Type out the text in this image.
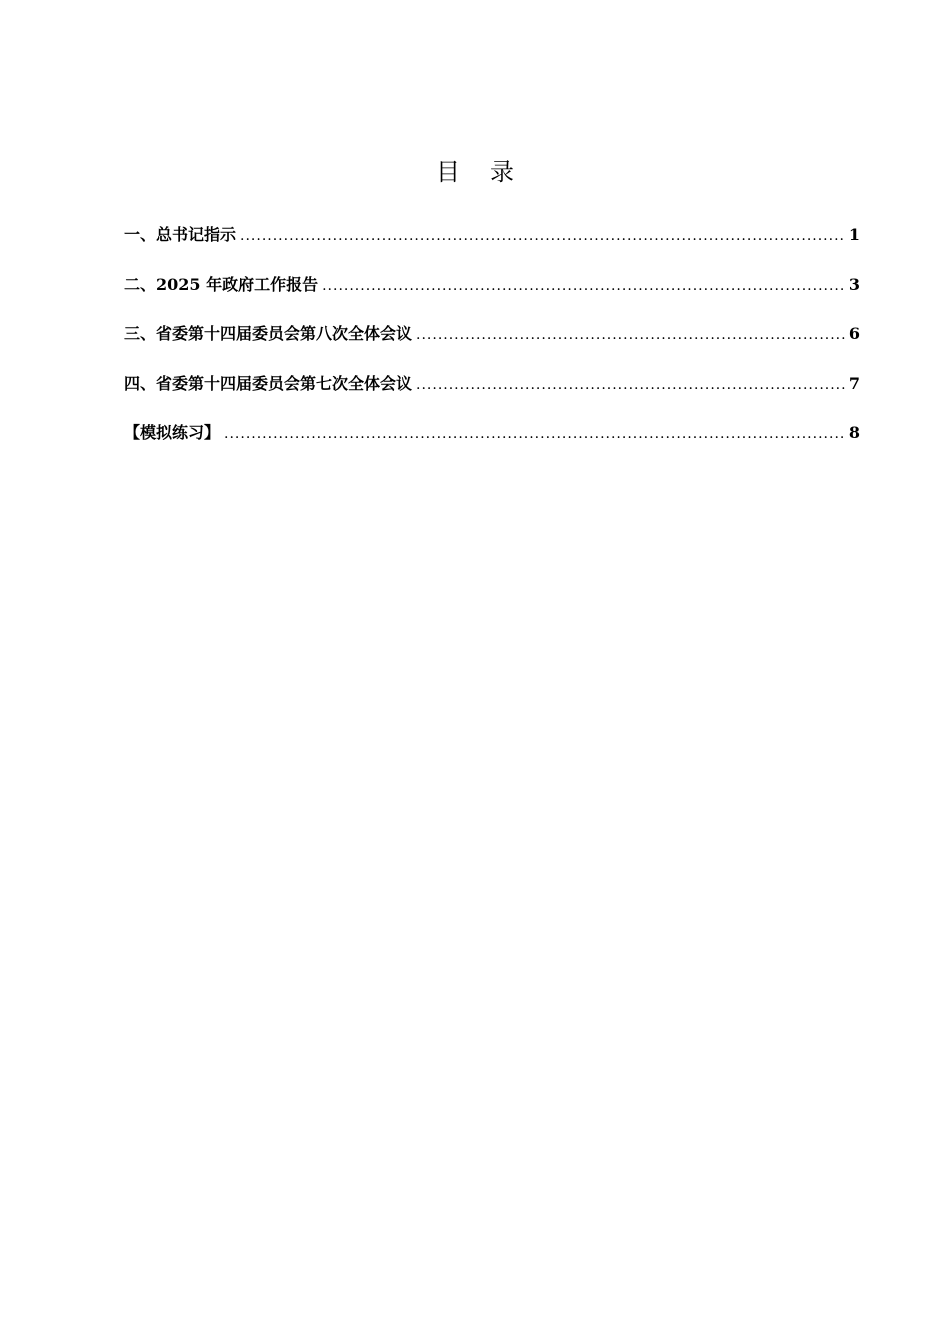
目 录
一、总书记指示 .....	1
二、2025 年政府工作报告 .....	3
三、省委第十四届委员会第八次全体会议 .....	6
四、省委第十四届委员会第七次全体会议 .....	7
【模拟练习】 .....	8
